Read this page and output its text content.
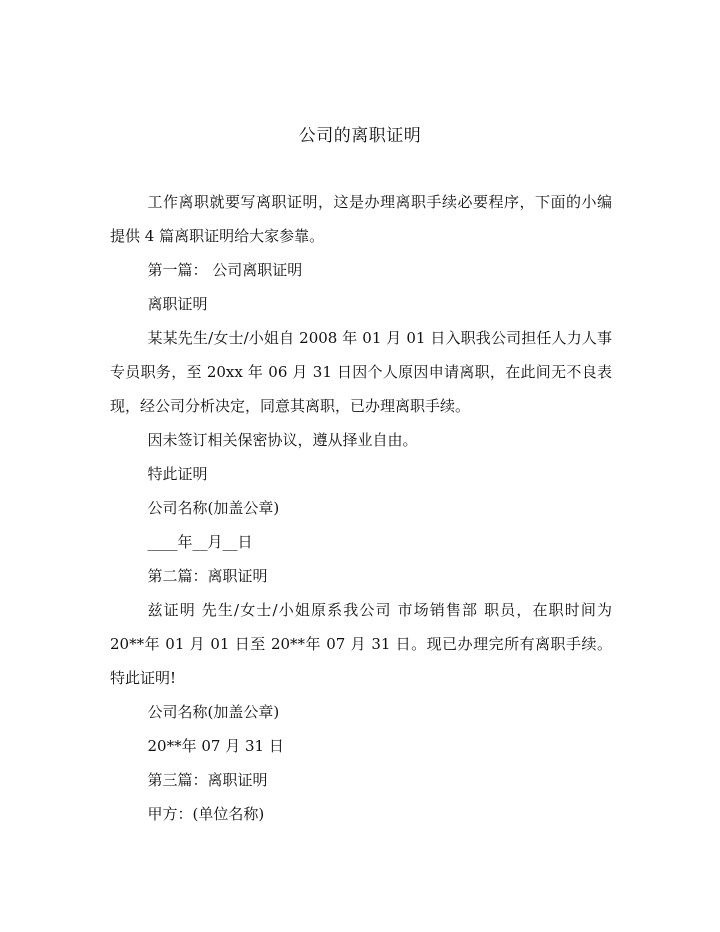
公司的离职证明

工作离职就要写离职证明，这是办理离职手续必要程序，下面的小编提供 4 篇离职证明给大家参靠。

第一篇： 公司离职证明

离职证明

某某先生/女士/小姐自 2008 年 01 月 01 日入职我公司担任人力人事专员职务，至 20xx 年 06 月 31 日因个人原因申请离职，在此间无不良表现，经公司分析决定，同意其离职，已办理离职手续。

因未签订相关保密协议，遵从择业自由。

特此证明

公司名称(加盖公章)

____年__月__日

第二篇：离职证明

兹证明 先生/女士/小姐原系我公司 市场销售部 职员，在职时间为 20**年 01 月 01 日至 20**年 07 月 31 日。现已办理完所有离职手续。特此证明!

公司名称(加盖公章)

20**年 07 月 31 日

第三篇：离职证明

甲方：(单位名称)
